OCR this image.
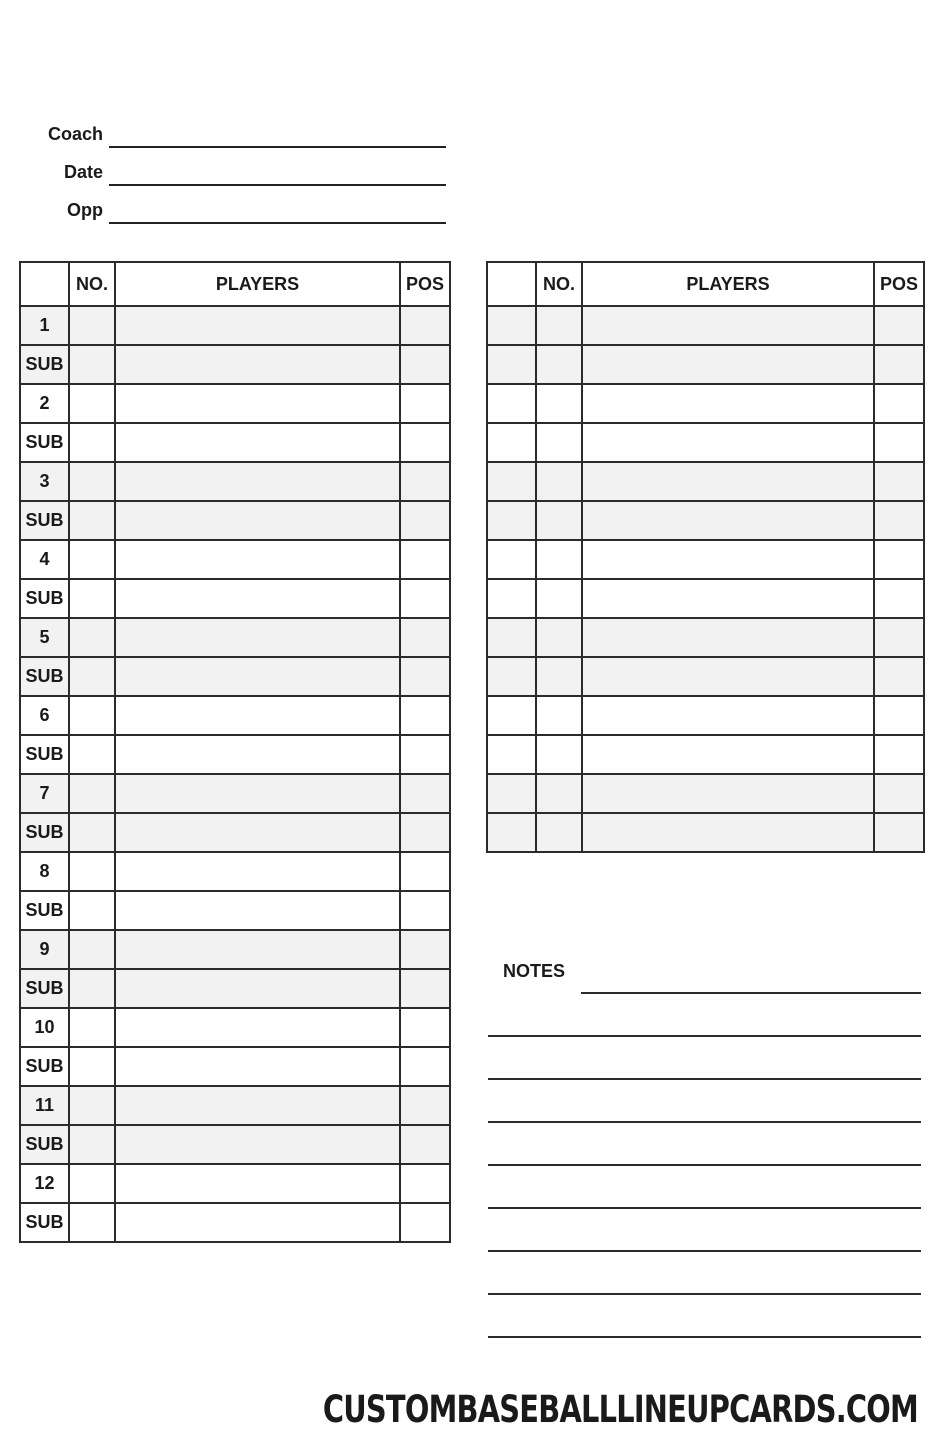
Coach
Date
Opp
	NO.	PLAYERS	POS
1			
SUB			
2			
SUB			
3			
SUB			
4			
SUB			
5			
SUB			
6			
SUB			
7			
SUB			
8			
SUB			
9			
SUB			
10			
SUB			
11			
SUB			
12			
SUB			
	NO.	PLAYERS	POS

NOTES
CUSTOMBASEBALLLINEUPCARDS.COM
